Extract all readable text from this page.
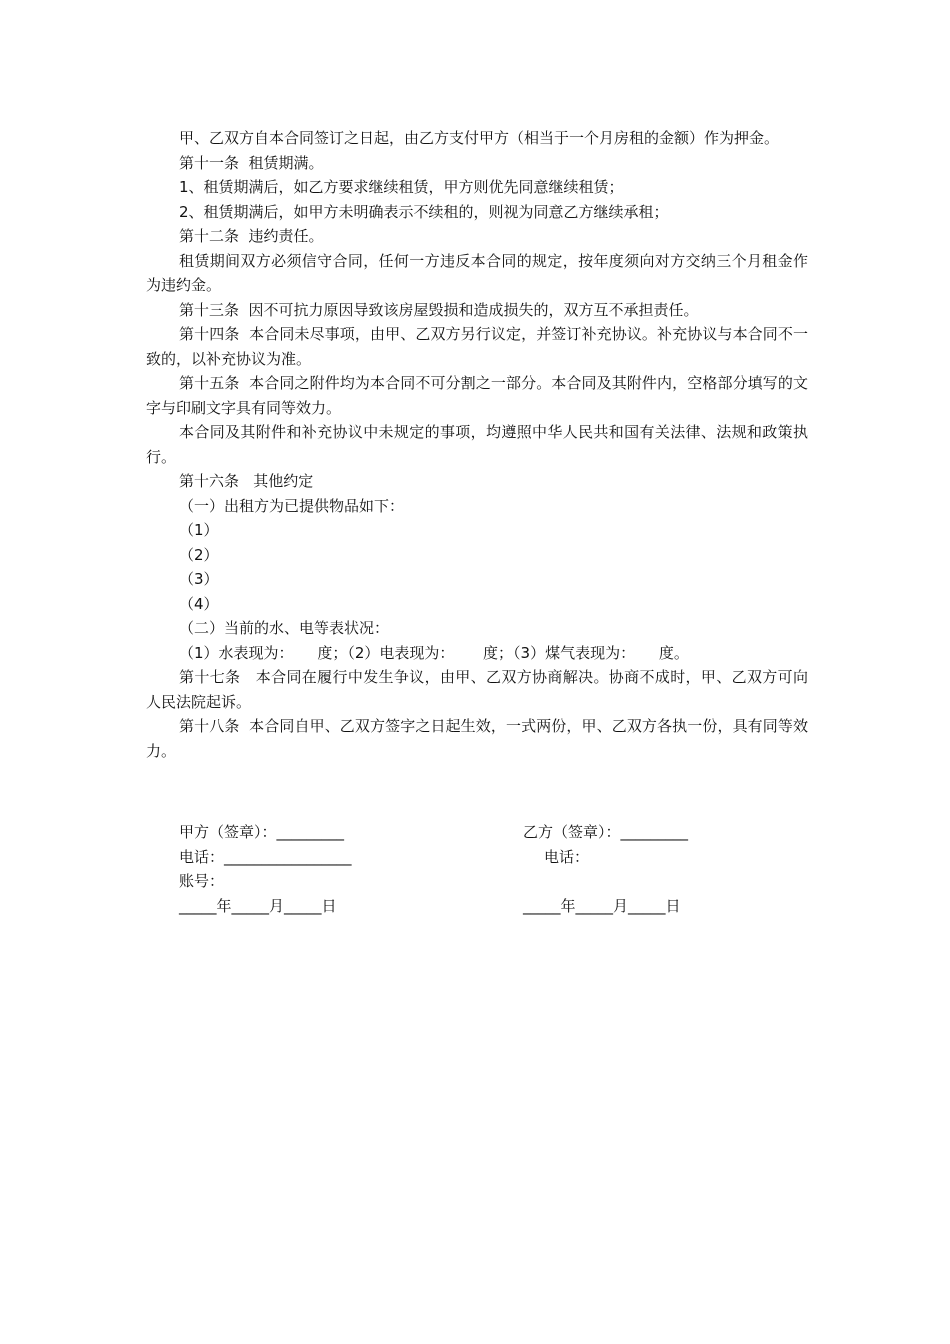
甲、乙双方自本合同签订之日起，由乙方支付甲方（相当于一个月房租的金额）作为押金。

第十一条  租赁期满。

1、租赁期满后，如乙方要求继续租赁，甲方则优先同意继续租赁；

2、租赁期满后，如甲方未明确表示不续租的，则视为同意乙方继续承租；

第十二条  违约责任。

租赁期间双方必须信守合同，任何一方违反本合同的规定，按年度须向对方交纳三个月租金作为违约金。

第十三条  因不可抗力原因导致该房屋毁损和造成损失的，双方互不承担责任。

第十四条  本合同未尽事项，由甲、乙双方另行议定，并签订补充协议。补充协议与本合同不一致的，以补充协议为准。

第十五条  本合同之附件均为本合同不可分割之一部分。本合同及其附件内，空格部分填写的文字与印刷文字具有同等效力。

本合同及其附件和补充协议中未规定的事项，均遵照中华人民共和国有关法律、法规和政策执行。

第十六条   其他约定

（一）出租方为已提供物品如下：

（1）

（2）

（3）

（4）

（二）当前的水、电等表状况：

（1）水表现为：     度；（2）电表现为：      度；（3）煤气表现为：     度。

第十七条   本合同在履行中发生争议，由甲、乙双方协商解决。协商不成时，甲、乙双方可向人民法院起诉。

第十八条  本合同自甲、乙双方签字之日起生效，一式两份，甲、乙双方各执一份，具有同等效力。

甲方（签章）：_________	乙方（签章）：_________
电话：_________________	电话：
账号：
_____年_____月_____日	_____年_____月_____日
